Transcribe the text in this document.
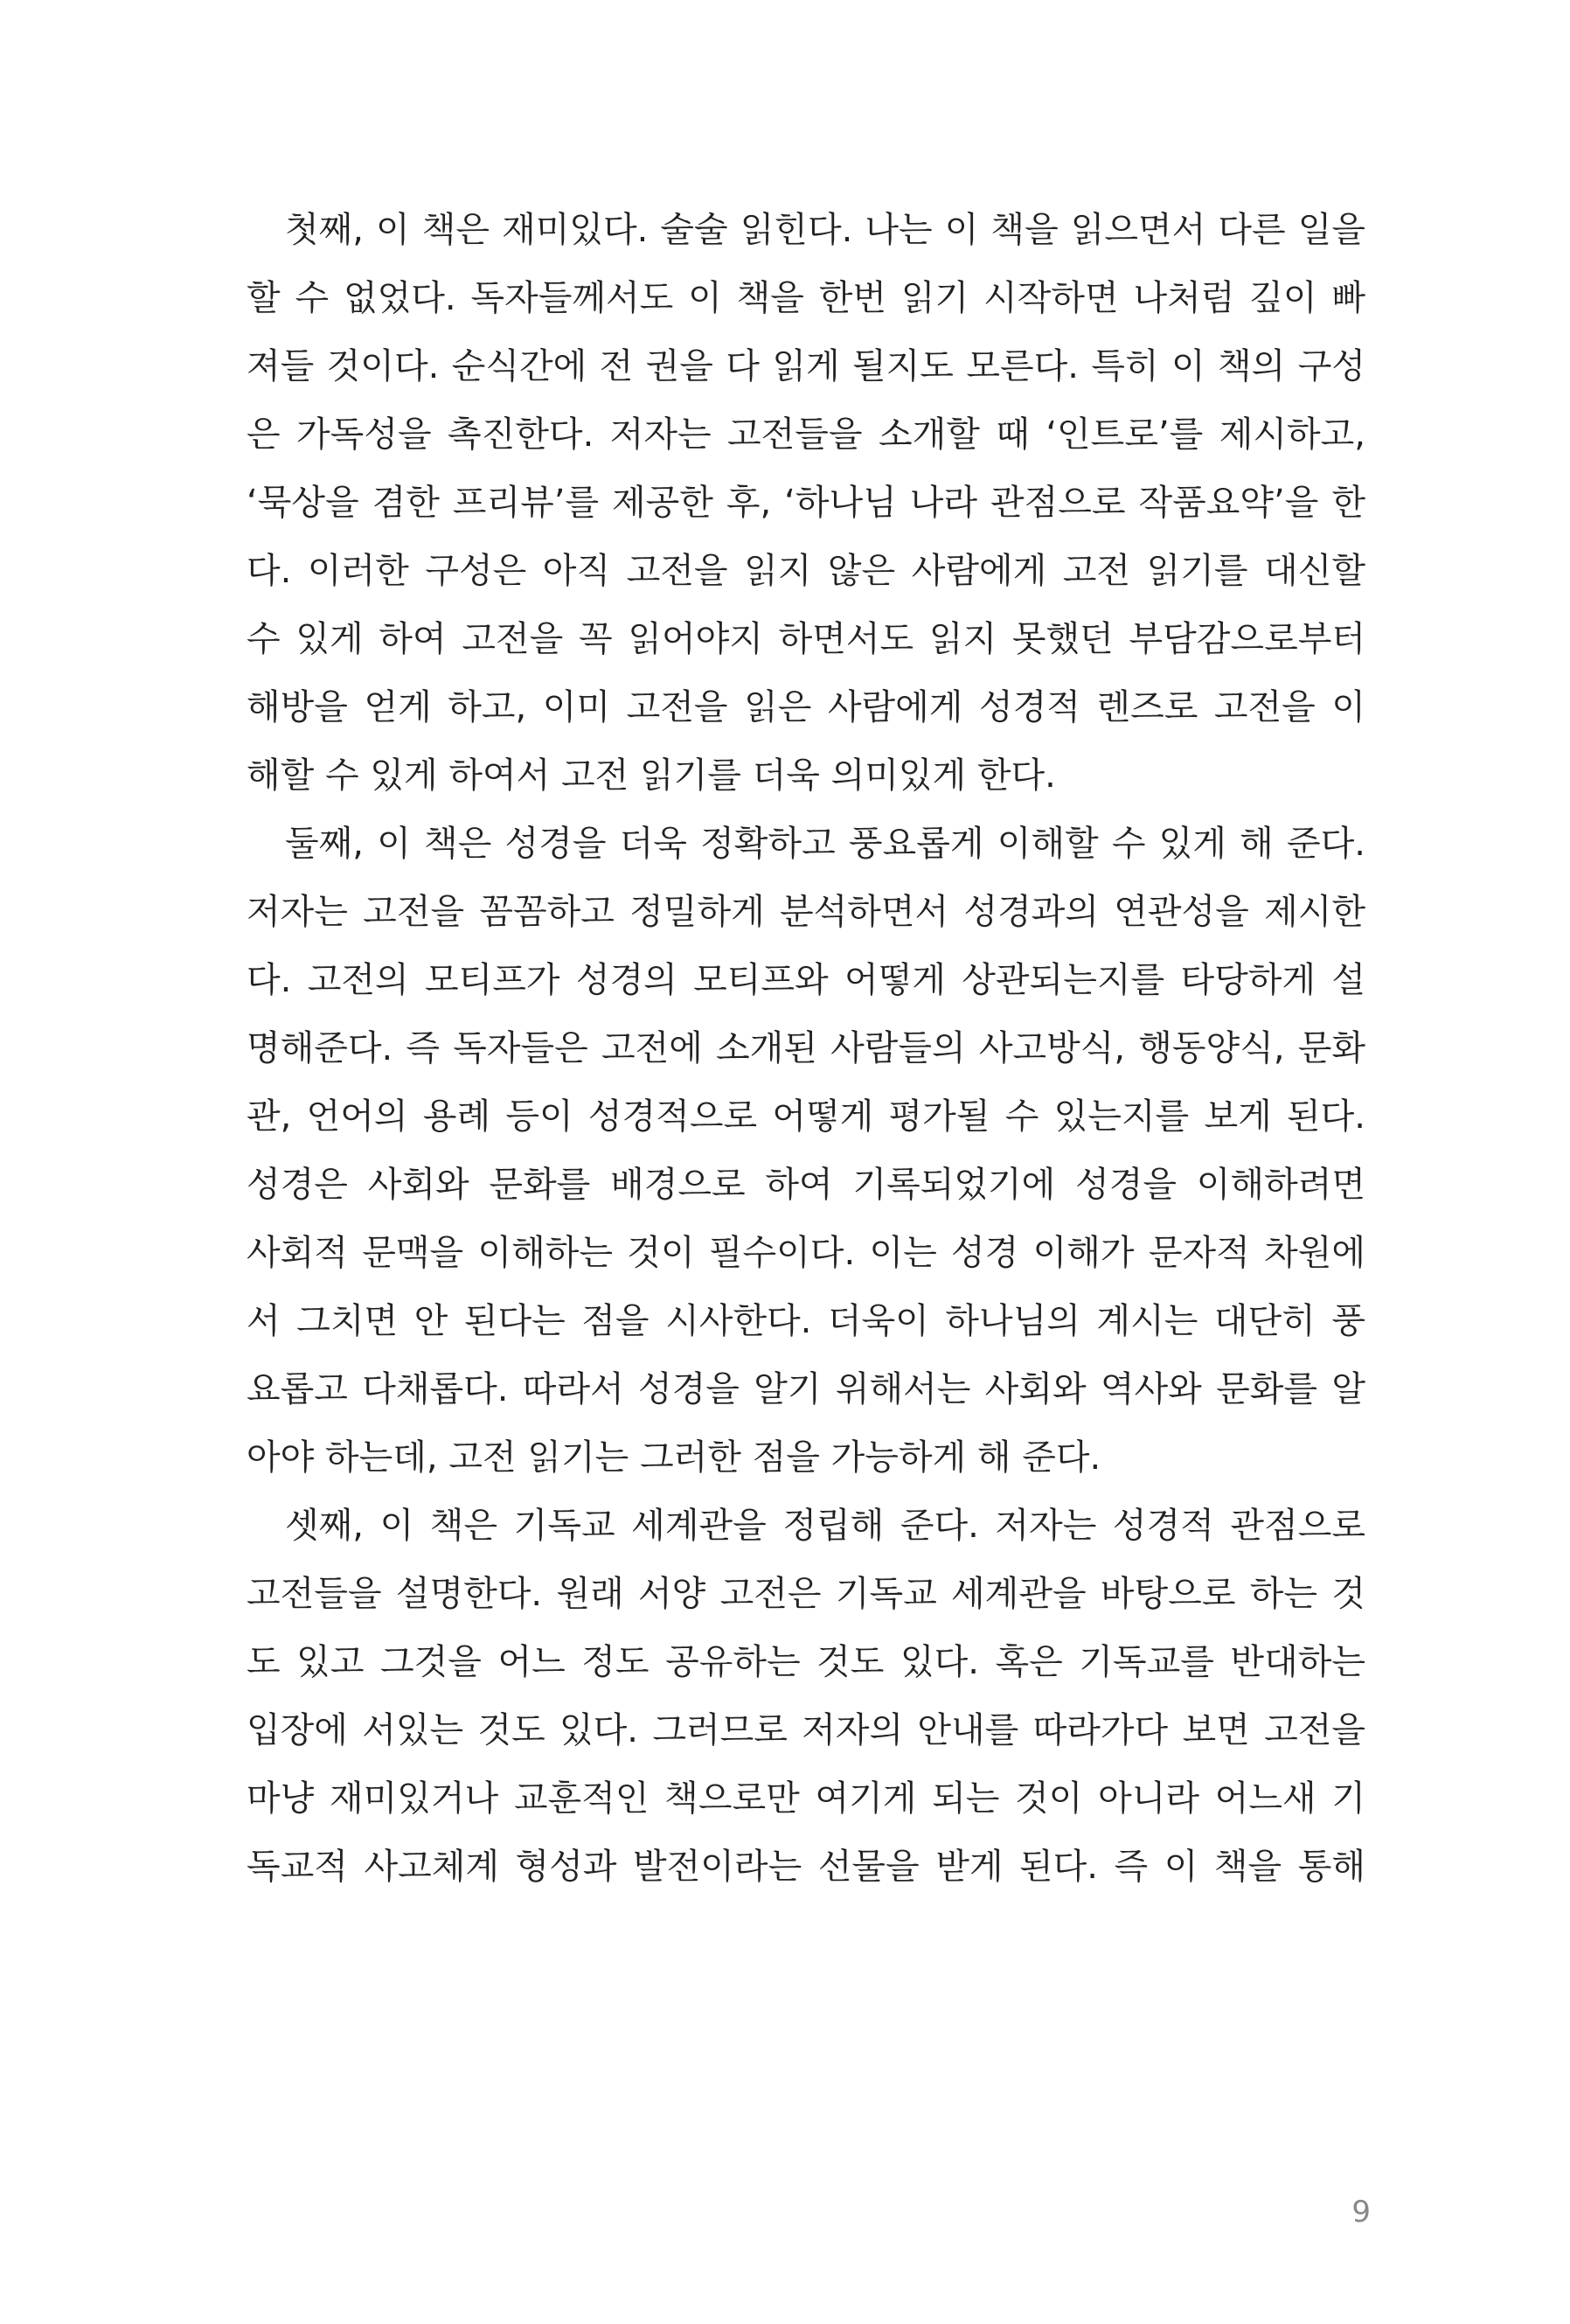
첫째, 이 책은 재미있다. 술술 읽힌다. 나는 이 책을 읽으면서 다른 일을
할 수 없었다. 독자들께서도 이 책을 한번 읽기 시작하면 나처럼 깊이 빠
져들 것이다. 순식간에 전 권을 다 읽게 될지도 모른다. 특히 이 책의 구성
은 가독성을 촉진한다. 저자는 고전들을 소개할 때 ‘인트로’를 제시하고,
‘묵상을 겸한 프리뷰’를 제공한 후, ‘하나님 나라 관점으로 작품요약’을 한
다. 이러한 구성은 아직 고전을 읽지 않은 사람에게 고전 읽기를 대신할
수 있게 하여 고전을 꼭 읽어야지 하면서도 읽지 못했던 부담감으로부터
해방을 얻게 하고, 이미 고전을 읽은 사람에게 성경적 렌즈로 고전을 이
해할 수 있게 하여서 고전 읽기를 더욱 의미있게 한다.
둘째, 이 책은 성경을 더욱 정확하고 풍요롭게 이해할 수 있게 해 준다.
저자는 고전을 꼼꼼하고 정밀하게 분석하면서 성경과의 연관성을 제시한
다. 고전의 모티프가 성경의 모티프와 어떻게 상관되는지를 타당하게 설
명해준다. 즉 독자들은 고전에 소개된 사람들의 사고방식, 행동양식, 문화
관, 언어의 용례 등이 성경적으로 어떻게 평가될 수 있는지를 보게 된다.
성경은 사회와 문화를 배경으로 하여 기록되었기에 성경을 이해하려면
사회적 문맥을 이해하는 것이 필수이다. 이는 성경 이해가 문자적 차원에
서 그치면 안 된다는 점을 시사한다. 더욱이 하나님의 계시는 대단히 풍
요롭고 다채롭다. 따라서 성경을 알기 위해서는 사회와 역사와 문화를 알
아야 하는데, 고전 읽기는 그러한 점을 가능하게 해 준다.
셋째, 이 책은 기독교 세계관을 정립해 준다. 저자는 성경적 관점으로
고전들을 설명한다. 원래 서양 고전은 기독교 세계관을 바탕으로 하는 것
도 있고 그것을 어느 정도 공유하는 것도 있다. 혹은 기독교를 반대하는
입장에 서있는 것도 있다. 그러므로 저자의 안내를 따라가다 보면 고전을
마냥 재미있거나 교훈적인 책으로만 여기게 되는 것이 아니라 어느새 기
독교적 사고체계 형성과 발전이라는 선물을 받게 된다. 즉 이 책을 통해
9
